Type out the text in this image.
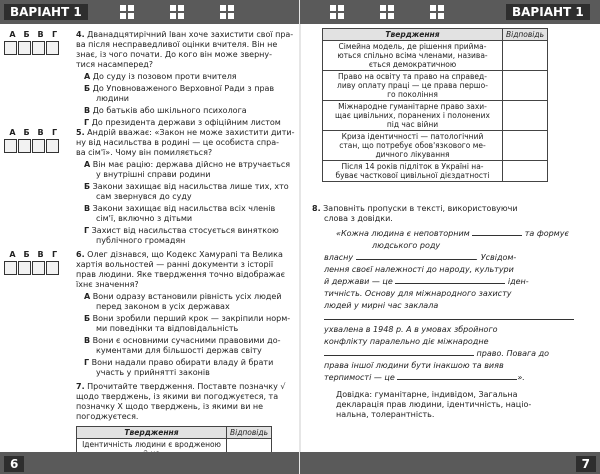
ВАРІАНТ 1
А Б В	Г	4. Дванадцятирічний Іван хоче захистити свої пра-
ва після несправедливої оцінки вчителя. Він не
знає, із чого почати. До кого він може зверну-
тися насамперед?
А До суду із позовом проти вчителя
Б До Уповноваженого Верховної Ради з прав
людини
В До батьків або шкільного психолога
Г До президента держави з офіційним листом
А Б В	Г	5. Андрій вважає: «Закон не може захистити дити-
ну від насильства в родині — це особиста спра-
ва сім'ї». Чому він помиляється?
А Він має рацію: держава дійсно не втручається
у внутрішні справи родини
Б Закони захищає від насильства лише тих, хто
сам звернувся до суду
В Закони захищає від насильства всіх членів
сім'ї, включно з дітьми
Г Захист від насильства стосується виняткою
публічного громадян
А Б В	Г	6. Олег дізнався, що Кодекс Хамурапі та Велика
хартія вольностей — ранні документи з історії
прав людини. Яке твердження точно відображає
їхнє значення?
А Вони одразу встановили рівність усіх людей
перед законом в усіх державах
Б Вони зробили перший крок — закріпили норм-
ми поведінки та відповідальність
В Вони є основними сучасними правовими до-
кументами для більшості держав світу
Г Вони надали право обирати владу й брати
участь у прийнятті законів
7. Прочитайте твердження. Поставте позначку √
щодо тверджень, із якими ви погоджуєтеся, та
позначку Х щодо тверджень, із якими ви не
погоджуєтеся.
Твердження	Відповідь

Ідентичність людини є вродженою	

6
ВАРІАНТ 1
Твердження	Відповідь

Сімейна модель, де рішення прийма-
ються спільно всіма членами, назива-
ється демократичною	

Право на освіту та право на справед-
ливу оплату праці — це права першо-
го покоління	

Міжнародне гуманітарне право захи-
щає цивільних, поранених і полонених
під час війни	

Криза ідентичності — патологічний
стан, що потребує обов'язкового ме-
дичного лікування	

Після 14 років підліток в Україні на-
буває часткової цивільної дієздатності	

8. Заповніть пропуски в тексті, використовуючи
слова з довідки.
«Кожна людина є неповторним	та формує
людського роду
власну	. Усвідом-
лення своєї належності до народу, культури
й держави — це	іден-
тичність. Основу для міжнародного захисту
людей у мирні час заклала
ухвалена в 1948 р. А в умовах збройного
конфлікту паралельно діє міжнародне
право. Повага до
права іншої людини бути інакшою та вияв
терпимості — це	».
Довідка: гуманітарне, індивідом, Загальна
декларація прав людини, ідентичність, націо-
нальна, толерантність.
7
